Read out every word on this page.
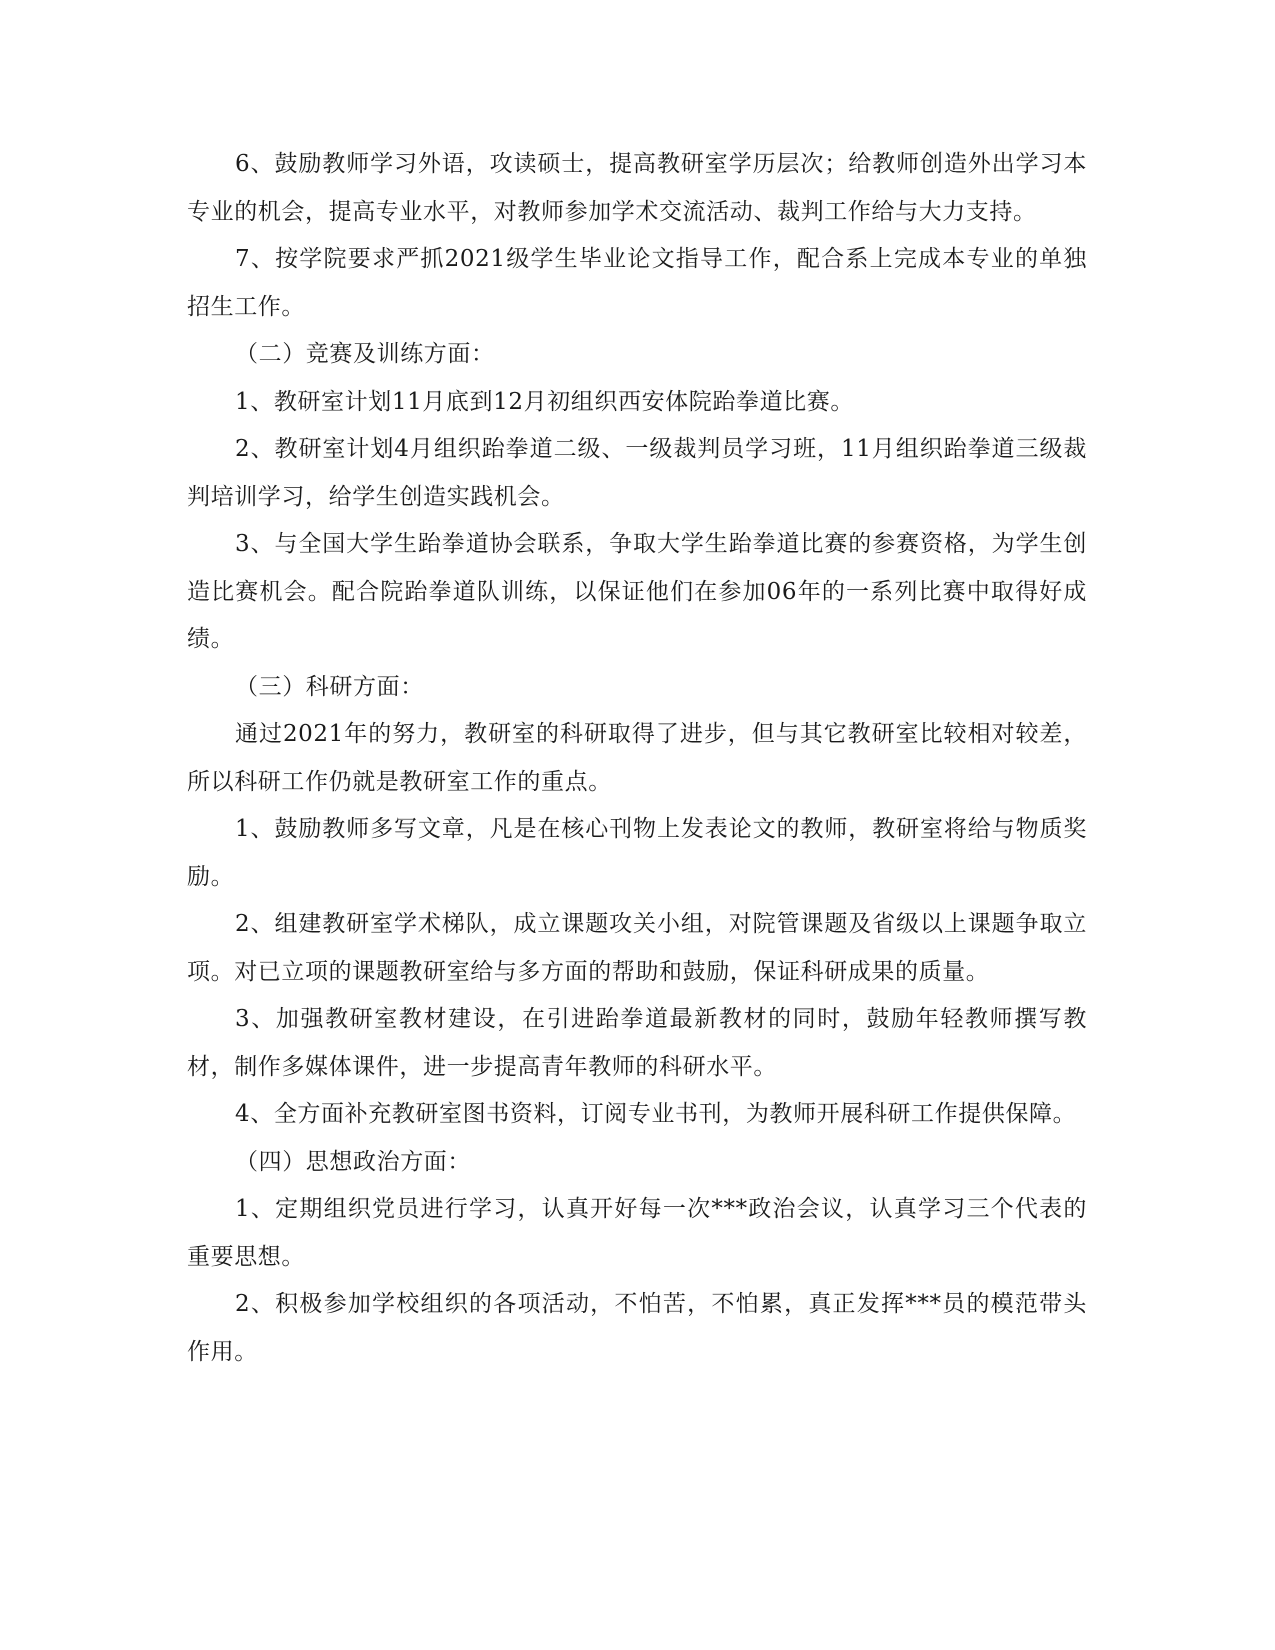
6、鼓励教师学习外语，攻读硕士，提高教研室学历层次；给教师创造外出学习本专业的机会，提高专业水平，对教师参加学术交流活动、裁判工作给与大力支持。

7、按学院要求严抓2021级学生毕业论文指导工作，配合系上完成本专业的单独招生工作。

（二）竞赛及训练方面：

1、教研室计划11月底到12月初组织西安体院跆拳道比赛。

2、教研室计划4月组织跆拳道二级、一级裁判员学习班，11月组织跆拳道三级裁判培训学习，给学生创造实践机会。

3、与全国大学生跆拳道协会联系，争取大学生跆拳道比赛的参赛资格，为学生创造比赛机会。配合院跆拳道队训练，以保证他们在参加06年的一系列比赛中取得好成绩。

（三）科研方面：

通过2021年的努力，教研室的科研取得了进步，但与其它教研室比较相对较差，所以科研工作仍就是教研室工作的重点。

1、鼓励教师多写文章，凡是在核心刊物上发表论文的教师，教研室将给与物质奖励。

2、组建教研室学术梯队，成立课题攻关小组，对院管课题及省级以上课题争取立项。对已立项的课题教研室给与多方面的帮助和鼓励，保证科研成果的质量。

3、加强教研室教材建设，在引进跆拳道最新教材的同时，鼓励年轻教师撰写教材，制作多媒体课件，进一步提高青年教师的科研水平。

4、全方面补充教研室图书资料，订阅专业书刊，为教师开展科研工作提供保障。

（四）思想政治方面：

1、定期组织党员进行学习，认真开好每一次***政治会议，认真学习三个代表的重要思想。

2、积极参加学校组织的各项活动，不怕苦，不怕累，真正发挥***员的模范带头作用。
